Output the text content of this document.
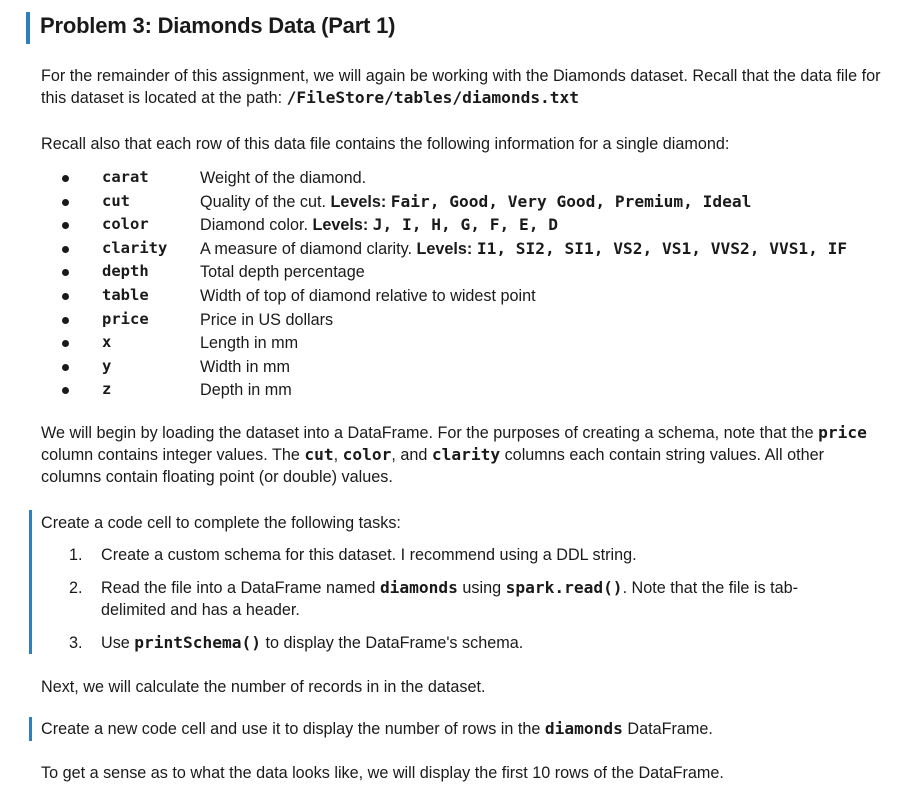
Problem 3: Diamonds Data (Part 1)
For the remainder of this assignment, we will again be working with the Diamonds dataset. Recall that the data file for this dataset is located at the path: /FileStore/tables/diamonds.txt
Recall also that each row of this data file contains the following information for a single diamond:
carat	Weight of the diamond.
cut	Quality of the cut. Levels: Fair, Good, Very Good, Premium, Ideal
color	Diamond color. Levels: J, I, H, G, F, E, D
clarity A measure of diamond clarity. Levels: I1, SI2, SI1, VS2, VS1, VVS2, VVS1, IF
depth	Total depth percentage
table	Width of top of diamond relative to widest point
price	Price in US dollars
x	Length in mm
y	Width in mm
z	Depth in mm
We will begin by loading the dataset into a DataFrame. For the purposes of creating a schema, note that the price column contains integer values. The cut, color, and clarity columns each contain string values. All other columns contain floating point (or double) values.
Create a code cell to complete the following tasks:
1. Create a custom schema for this dataset. I recommend using a DDL string.
2. Read the file into a DataFrame named diamonds using spark.read(). Note that the file is tab-delimited and has a header.
3. Use printSchema() to display the DataFrame's schema.
Next, we will calculate the number of records in in the dataset.
Create a new code cell and use it to display the number of rows in the diamonds DataFrame.
To get a sense as to what the data looks like, we will display the first 10 rows of the DataFrame.
